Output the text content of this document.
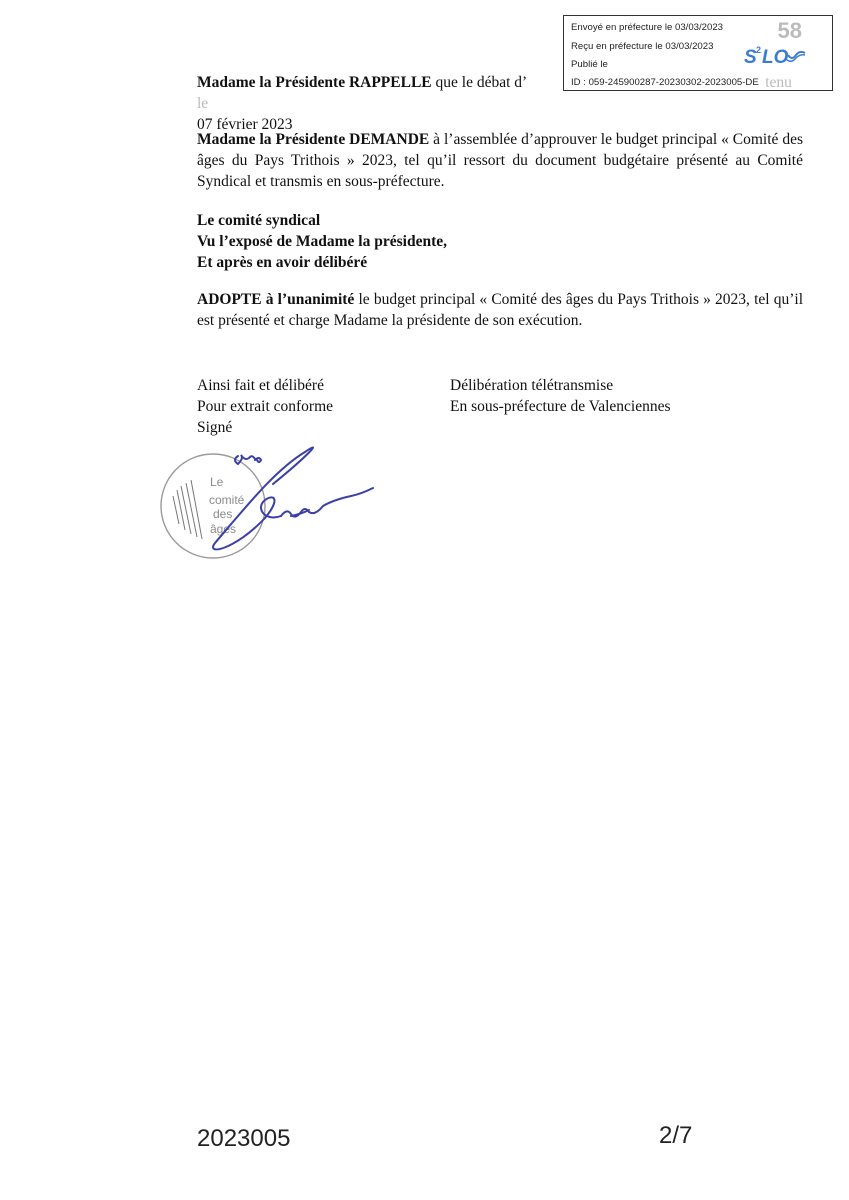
Envoyé en préfecture le 03/03/2023
Reçu en préfecture le 03/03/2023
Publié le
ID : 059-245900287-20230302-2023005-DE
58
S 2 LO
Madame la Présidente RAPPELLE que le débat d’	tenu le
07 février 2023
Madame la Présidente DEMANDE à l’assemblée d’approuver le budget principal « Comité des âges du Pays Trithois » 2023, tel qu’il ressort du document budgétaire présenté au Comité Syndical et transmis en sous-préfecture.
Le comité syndical
Vu l’exposé de Madame la présidente,
Et après en avoir délibéré
ADOPTE à l’unanimité le budget principal « Comité des âges du Pays Trithois » 2023, tel qu’il est présenté et charge Madame la présidente de son exécution.
Ainsi fait et délibéré
Pour extrait conforme
Signé
Délibération télétransmise
En sous-préfecture de Valenciennes
Le
comité
des
âges
2023005	2/7
